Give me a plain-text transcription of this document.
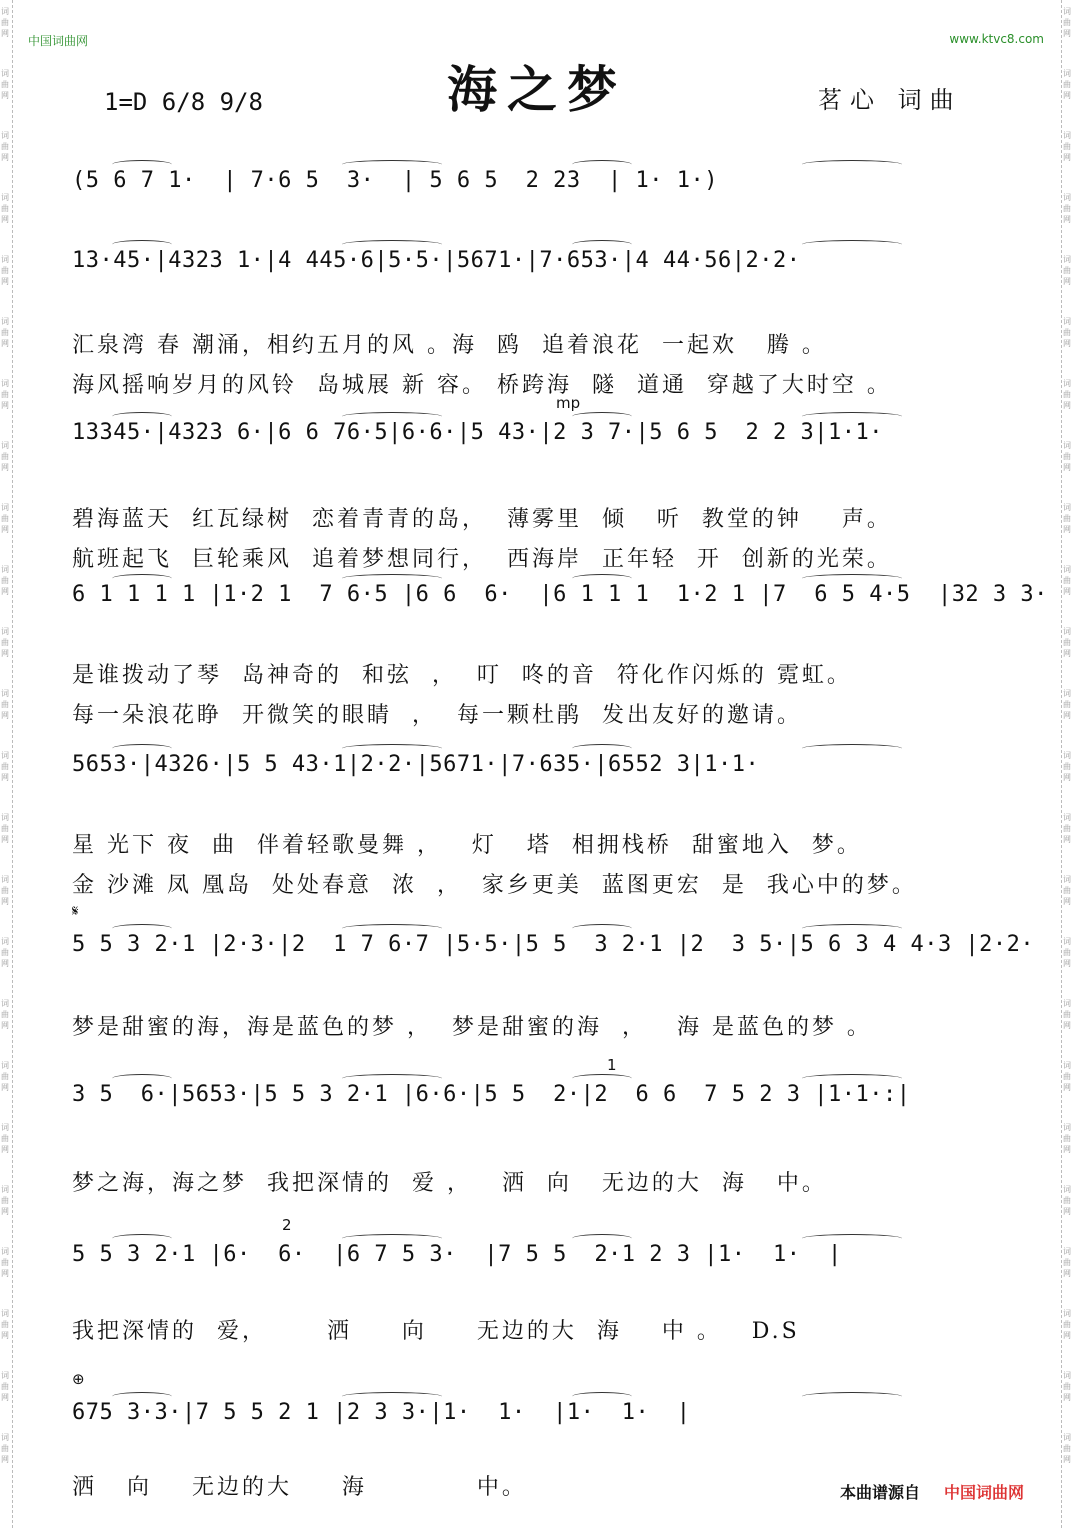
词曲网
词曲网
词曲网
词曲网
词曲网
词曲网
词曲网
词曲网
词曲网
词曲网
词曲网
词曲网
词曲网
词曲网
词曲网
词曲网
词曲网
词曲网
词曲网
词曲网
词曲网
词曲网
词曲网
词曲网
词曲网
词曲网
词曲网
词曲网
词曲网
词曲网
词曲网
词曲网
词曲网
词曲网
词曲网
词曲网
词曲网
词曲网
词曲网
词曲网
词曲网
词曲网
词曲网
词曲网
词曲网
词曲网
词曲网
词曲网
中国词曲网	www.ktvc8.com
海之梦
1=D 6/8 9/8	茗心 词曲
(5 6 7 1·  | 7·6 5  3·  | 5 6 5  2 23  | 1· 1·)
13·45·|4323 1·|4 445·6|5·5·|5671·|7·653·|4 44·56|2·2·
汇泉湾 春 潮涌，相约五月的风 。海  鸥  追着浪花  一起欢   腾 。
海风摇响岁月的风铃  岛城展 新 容。 桥跨海  隧  道通  穿越了大时空 。
13345·|4323 6·|6 6 76·5|6·6·|5 43·|2 3 7·|5 6 5  2 2 3|1·1·
mp
碧海蓝天  红瓦绿树  恋着青青的岛，  薄雾里  倾   听  教堂的钟    声。
航班起飞  巨轮乘风  追着梦想同行，  西海岸  正年轻  开  创新的光荣。
6 1 1 1 1 |1·2 1  7 6·5 |6 6  6·  |6 1 1 1  1·2 1 |7  6 5 4·5  |32 3 3·
是谁拨动了琴  岛神奇的  和弦  ，  叮  咚的音  符化作闪烁的 霓虹。
每一朵浪花睁  开微笑的眼睛  ，  每一颗杜鹃  发出友好的邀请。
5653·|4326·|5 5 43·1|2·2·|5671·|7·635·|6552 3|1·1·
星 光下 夜  曲  伴着轻歌曼舞 ，   灯   塔  相拥栈桥  甜蜜地入  梦。
金 沙滩 凤 凰岛  处处春意  浓  ，  家乡更美  蓝图更宏  是  我心中的梦。
5 5 3 2·1 |2·3·|2  1 7 6·7 |5·5·|5 5  3 2·1 |2  3 5·|5 6 3 4 4·3 |2·2·
𝄋
梦是甜蜜的海，海是蓝色的梦 ，  梦是甜蜜的海  ，   海 是蓝色的梦 。
3 5  6·|5653·|5 5 3 2·1 |6·6·|5 5  2·|2  6 6  7 5 2 3 |1·1·:|
1
梦之海，海之梦  我把深情的  爱 ，   洒  向   无边的大  海   中。
5 5 3 2·1 |6·  6·  |6 7 5 3·  |7 5 5  2·1 2 3 |1·  1·  |
2
我把深情的  爱，      洒     向     无边的大  海    中 。   D.S
675 3·3·|7 5 5 2 1 |2 3 3·|1·  1·  |1·  1·  |
⊕
洒   向    无边的大     海           中。	本曲谱源自 中国词曲网
